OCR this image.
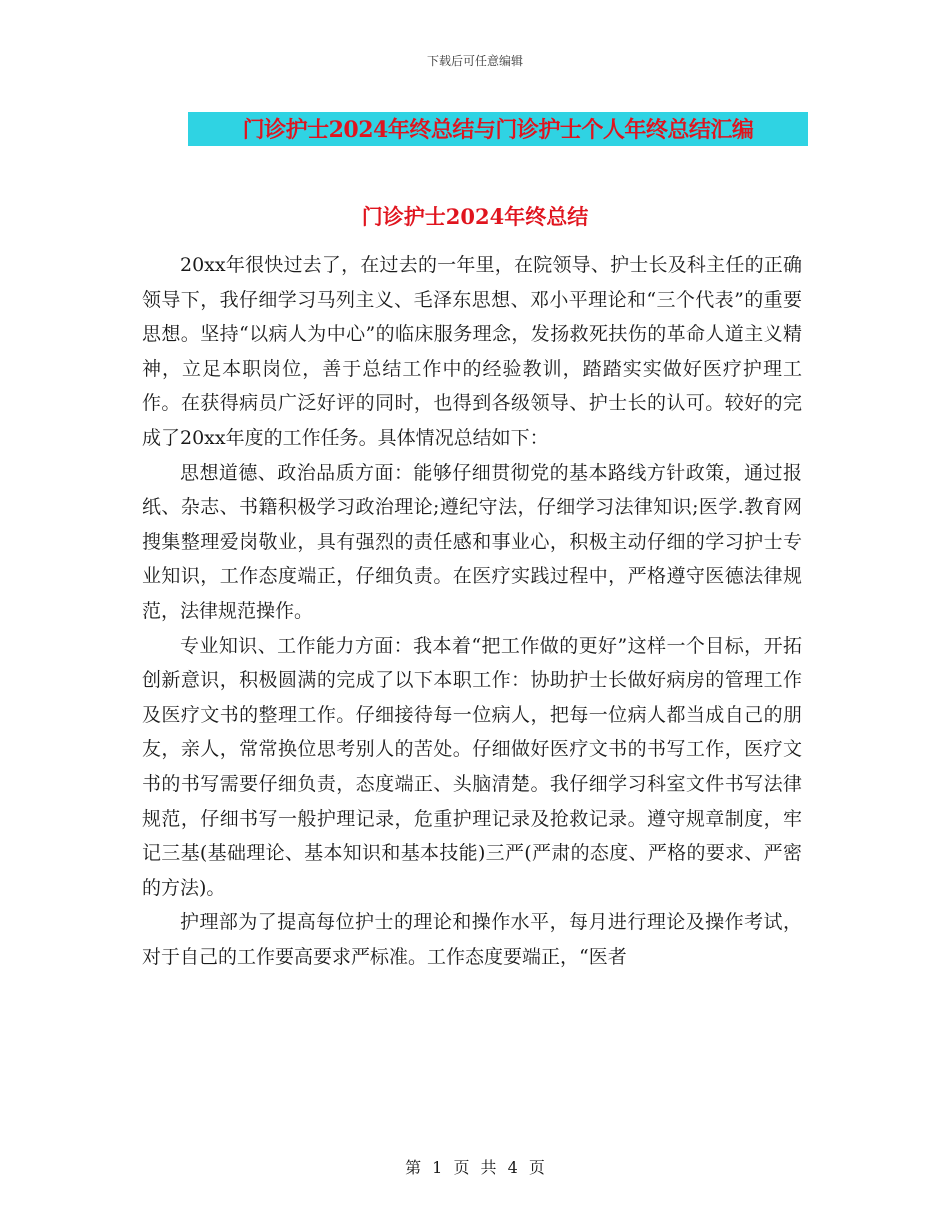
下载后可任意编辑
门诊护士2024年终总结与门诊护士个人年终总结汇编
门诊护士2024年终总结

20xx年很快过去了，在过去的一年里，在院领导、护士长及科主任的正确领导下，我仔细学习马列主义、毛泽东思想、邓小平理论和“三个代表”的重要思想。坚持“以病人为中心”的临床服务理念，发扬救死扶伤的革命人道主义精神，立足本职岗位，善于总结工作中的经验教训，踏踏实实做好医疗护理工作。在获得病员广泛好评的同时，也得到各级领导、护士长的认可。较好的完成了20xx年度的工作任务。具体情况总结如下：

思想道德、政治品质方面：能够仔细贯彻党的基本路线方针政策，通过报纸、杂志、书籍积极学习政治理论;遵纪守法，仔细学习法律知识;医学.教育网搜集整理爱岗敬业，具有强烈的责任感和事业心，积极主动仔细的学习护士专业知识，工作态度端正，仔细负责。在医疗实践过程中，严格遵守医德法律规范，法律规范操作。

专业知识、工作能力方面：我本着“把工作做的更好”这样一个目标，开拓创新意识，积极圆满的完成了以下本职工作：协助护士长做好病房的管理工作及医疗文书的整理工作。仔细接待每一位病人，把每一位病人都当成自己的朋友，亲人，常常换位思考别人的苦处。仔细做好医疗文书的书写工作，医疗文书的书写需要仔细负责，态度端正、头脑清楚。我仔细学习科室文件书写法律规范，仔细书写一般护理记录，危重护理记录及抢救记录。遵守规章制度，牢记三基(基础理论、基本知识和基本技能)三严(严肃的态度、严格的要求、严密的方法)。

护理部为了提高每位护士的理论和操作水平，每月进行理论及操作考试，对于自己的工作要高要求严标准。工作态度要端正，“医者

第 1 页 共 4 页
